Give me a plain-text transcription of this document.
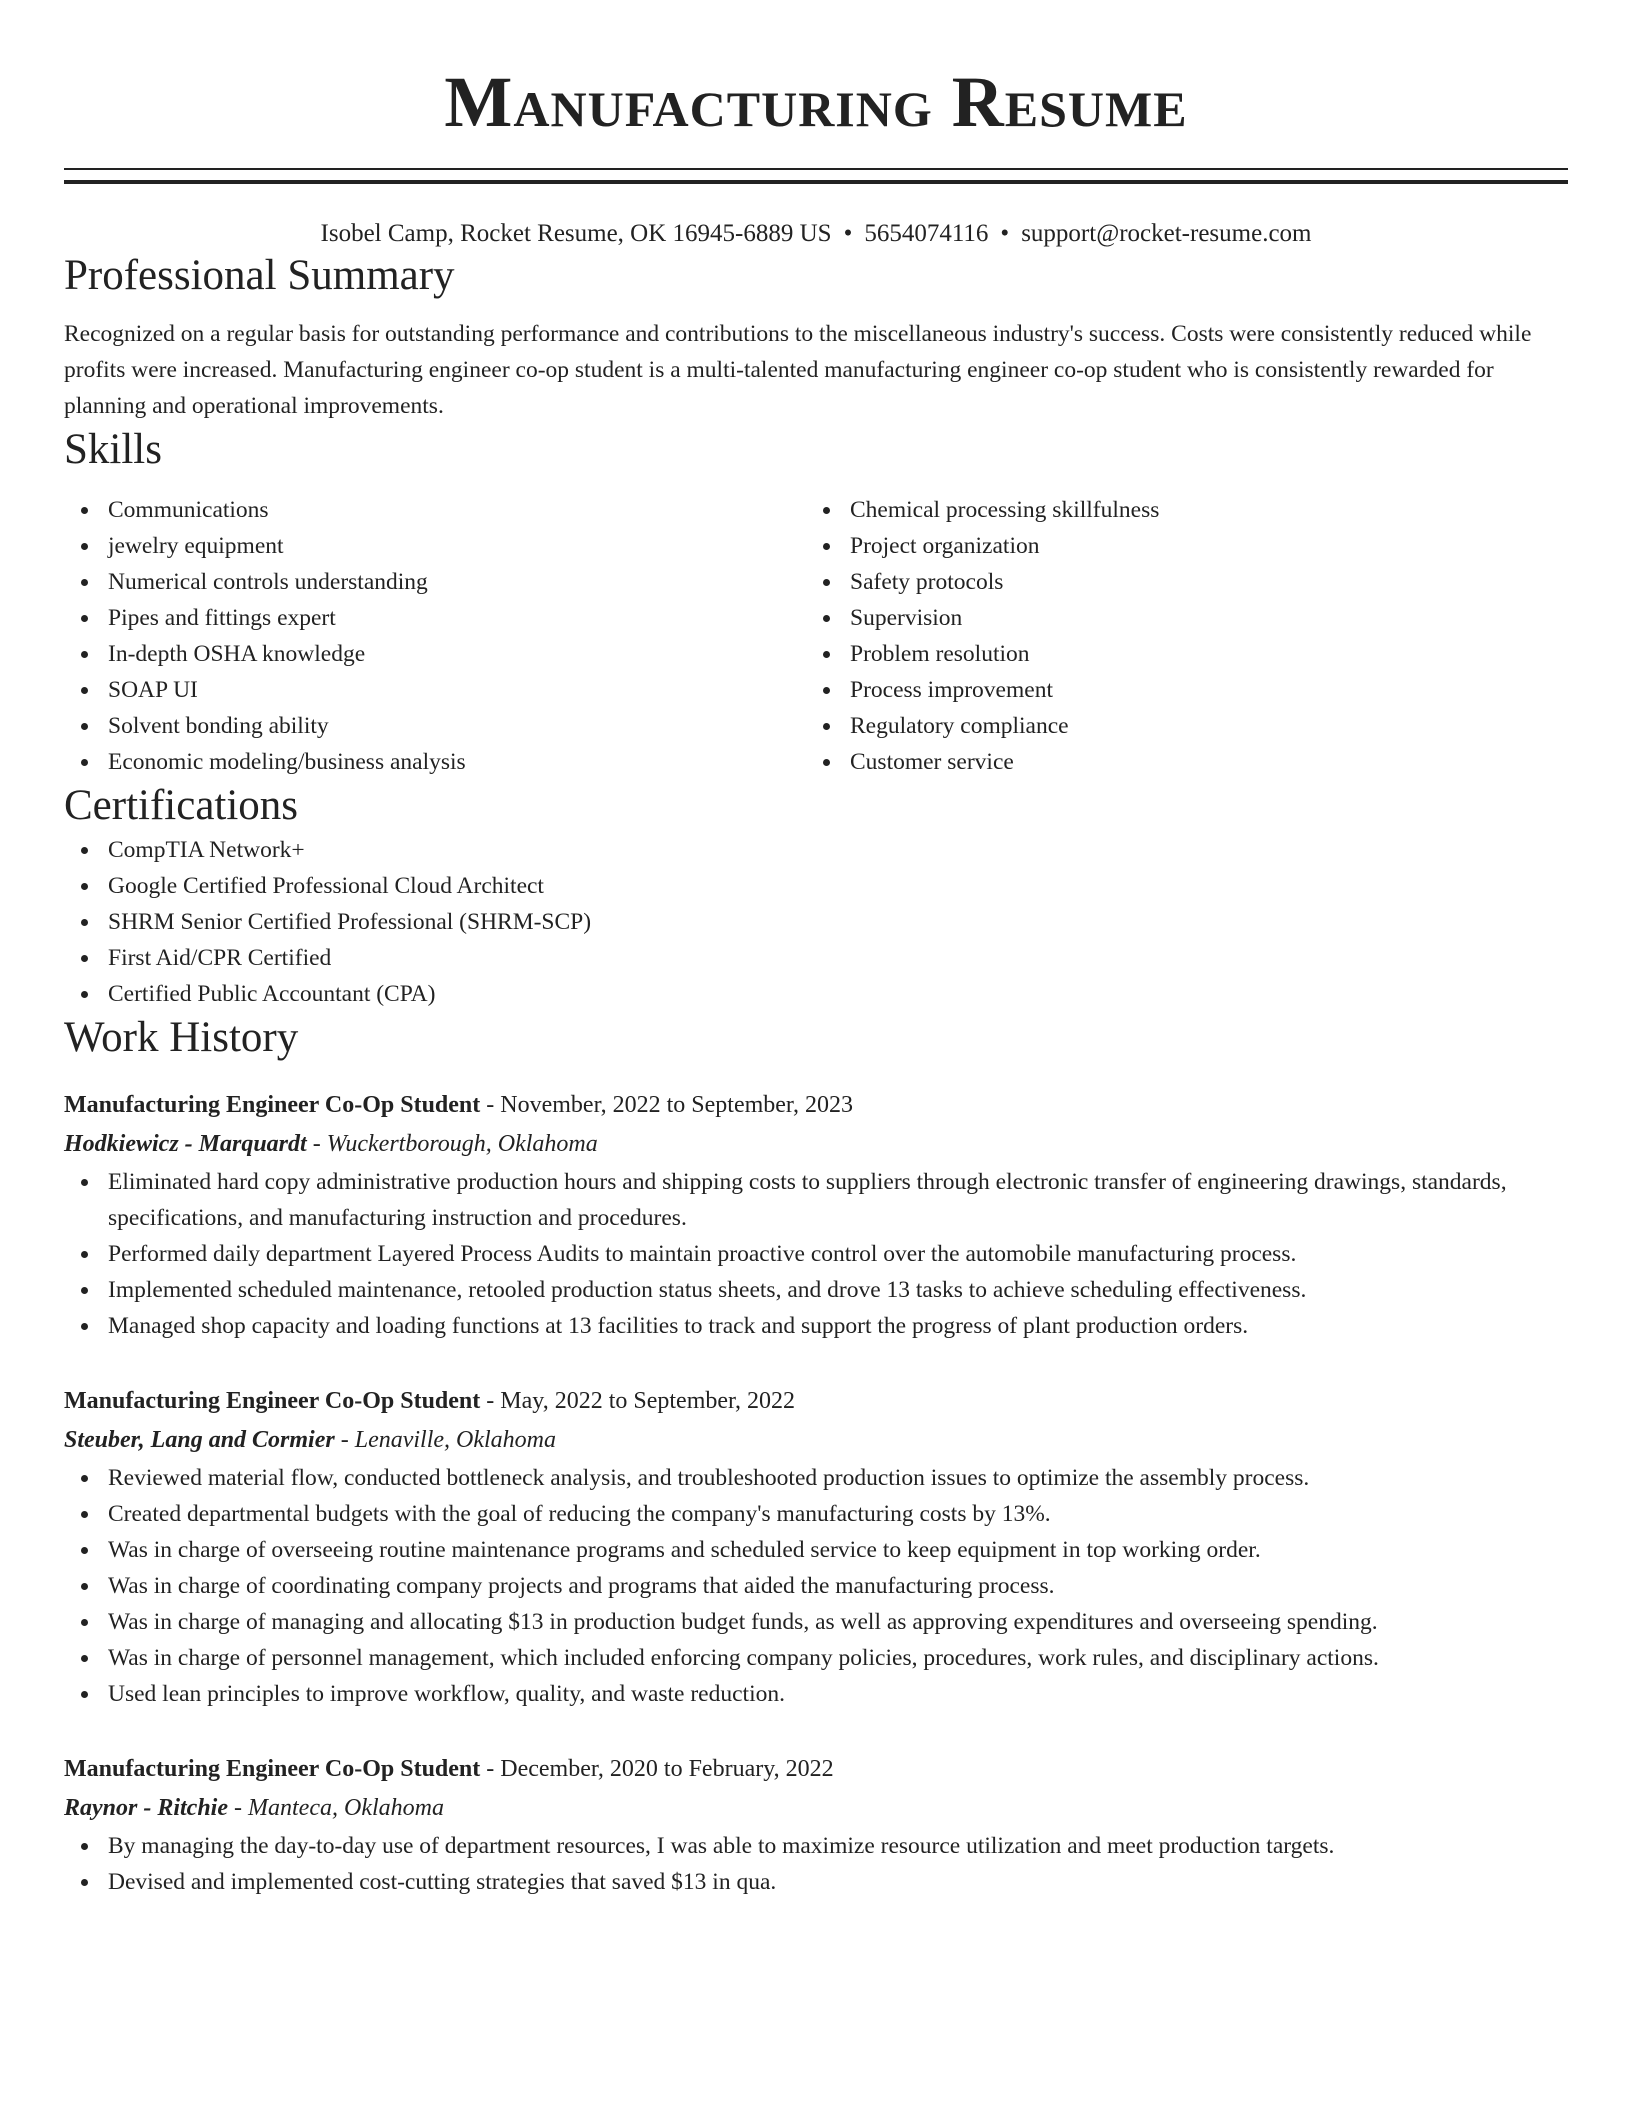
Manufacturing Resume
Isobel Camp, Rocket Resume, OK 16945-6889 US • 5654074116 • support@rocket-resume.com
Professional Summary
Recognized on a regular basis for outstanding performance and contributions to the miscellaneous industry's success. Costs were consistently reduced while profits were increased. Manufacturing engineer co-op student is a multi-talented manufacturing engineer co-op student who is consistently rewarded for planning and operational improvements.
Skills
Communications
jewelry equipment
Numerical controls understanding
Pipes and fittings expert
In-depth OSHA knowledge
SOAP UI
Solvent bonding ability
Economic modeling/business analysis
Chemical processing skillfulness
Project organization
Safety protocols
Supervision
Problem resolution
Process improvement
Regulatory compliance
Customer service
Certifications
CompTIA Network+
Google Certified Professional Cloud Architect
SHRM Senior Certified Professional (SHRM-SCP)
First Aid/CPR Certified
Certified Public Accountant (CPA)
Work History
Manufacturing Engineer Co-Op Student - November, 2022 to September, 2023
Hodkiewicz - Marquardt - Wuckertborough, Oklahoma
Eliminated hard copy administrative production hours and shipping costs to suppliers through electronic transfer of engineering drawings, standards, specifications, and manufacturing instruction and procedures.
Performed daily department Layered Process Audits to maintain proactive control over the automobile manufacturing process.
Implemented scheduled maintenance, retooled production status sheets, and drove 13 tasks to achieve scheduling effectiveness.
Managed shop capacity and loading functions at 13 facilities to track and support the progress of plant production orders.
Manufacturing Engineer Co-Op Student - May, 2022 to September, 2022
Steuber, Lang and Cormier - Lenaville, Oklahoma
Reviewed material flow, conducted bottleneck analysis, and troubleshooted production issues to optimize the assembly process.
Created departmental budgets with the goal of reducing the company's manufacturing costs by 13%.
Was in charge of overseeing routine maintenance programs and scheduled service to keep equipment in top working order.
Was in charge of coordinating company projects and programs that aided the manufacturing process.
Was in charge of managing and allocating $13 in production budget funds, as well as approving expenditures and overseeing spending.
Was in charge of personnel management, which included enforcing company policies, procedures, work rules, and disciplinary actions.
Used lean principles to improve workflow, quality, and waste reduction.
Manufacturing Engineer Co-Op Student - December, 2020 to February, 2022
Raynor - Ritchie - Manteca, Oklahoma
By managing the day-to-day use of department resources, I was able to maximize resource utilization and meet production targets.
Devised and implemented cost-cutting strategies that saved $13 in qua.
